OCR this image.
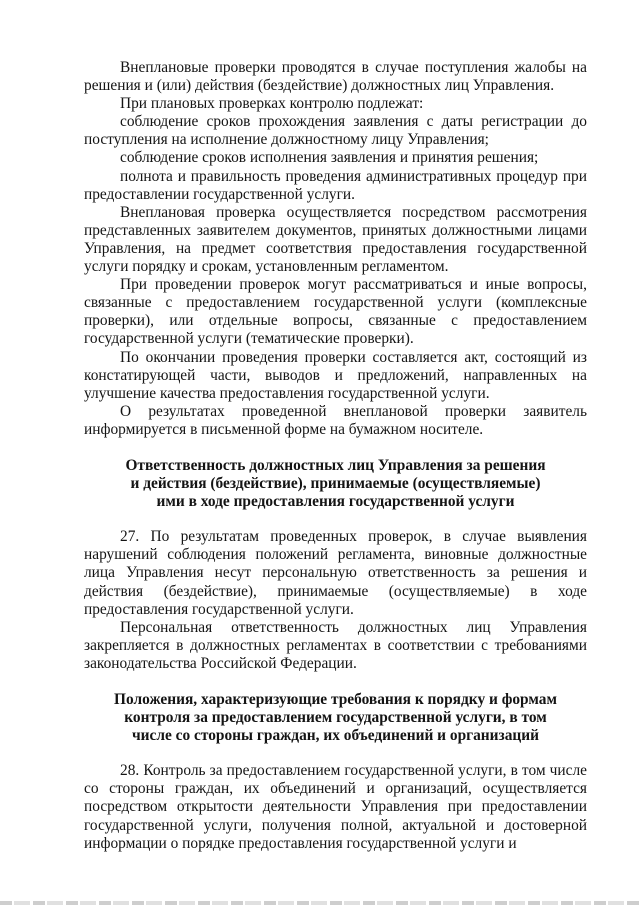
Внеплановые проверки проводятся в случае поступления жалобы на решения и (или) действия (бездействие) должностных лиц Управления.

При плановых проверках контролю подлежат:

соблюдение сроков прохождения заявления с даты регистрации до поступления на исполнение должностному лицу Управления;

соблюдение сроков исполнения заявления и принятия решения;

полнота и правильность проведения административных процедур при предоставлении государственной услуги.

Внеплановая проверка осуществляется посредством рассмотрения представленных заявителем документов, принятых должностными лицами Управления, на предмет соответствия предоставления государственной услуги порядку и срокам, установленным регламентом.

При проведении проверок могут рассматриваться и иные вопросы, связанные с предоставлением государственной услуги (комплексные проверки), или отдельные вопросы, связанные с предоставлением государственной услуги (тематические проверки).

По окончании проведения проверки составляется акт, состоящий из констатирующей части, выводов и предложений, направленных на улучшение качества предоставления государственной услуги.

О результатах проведенной внеплановой проверки заявитель информируется в письменной форме на бумажном носителе.

Ответственность должностных лиц Управления за решения
и действия (бездействие), принимаемые (осуществляемые)
ими в ходе предоставления государственной услуги

27. По результатам проведенных проверок, в случае выявления нарушений соблюдения положений регламента, виновные должностные лица Управления несут персональную ответственность за решения и действия (бездействие), принимаемые (осуществляемые) в ходе предоставления государственной услуги.

Персональная ответственность должностных лиц Управления закрепляется в должностных регламентах в соответствии с требованиями законодательства Российской Федерации.

Положения, характеризующие требования к порядку и формам
контроля за предоставлением государственной услуги, в том
числе со стороны граждан, их объединений и организаций

28. Контроль за предоставлением государственной услуги, в том числе со стороны граждан, их объединений и организаций, осуществляется посредством открытости деятельности Управления при предоставлении государственной услуги, получения полной, актуальной и достоверной информации о порядке предоставления государственной услуги и
